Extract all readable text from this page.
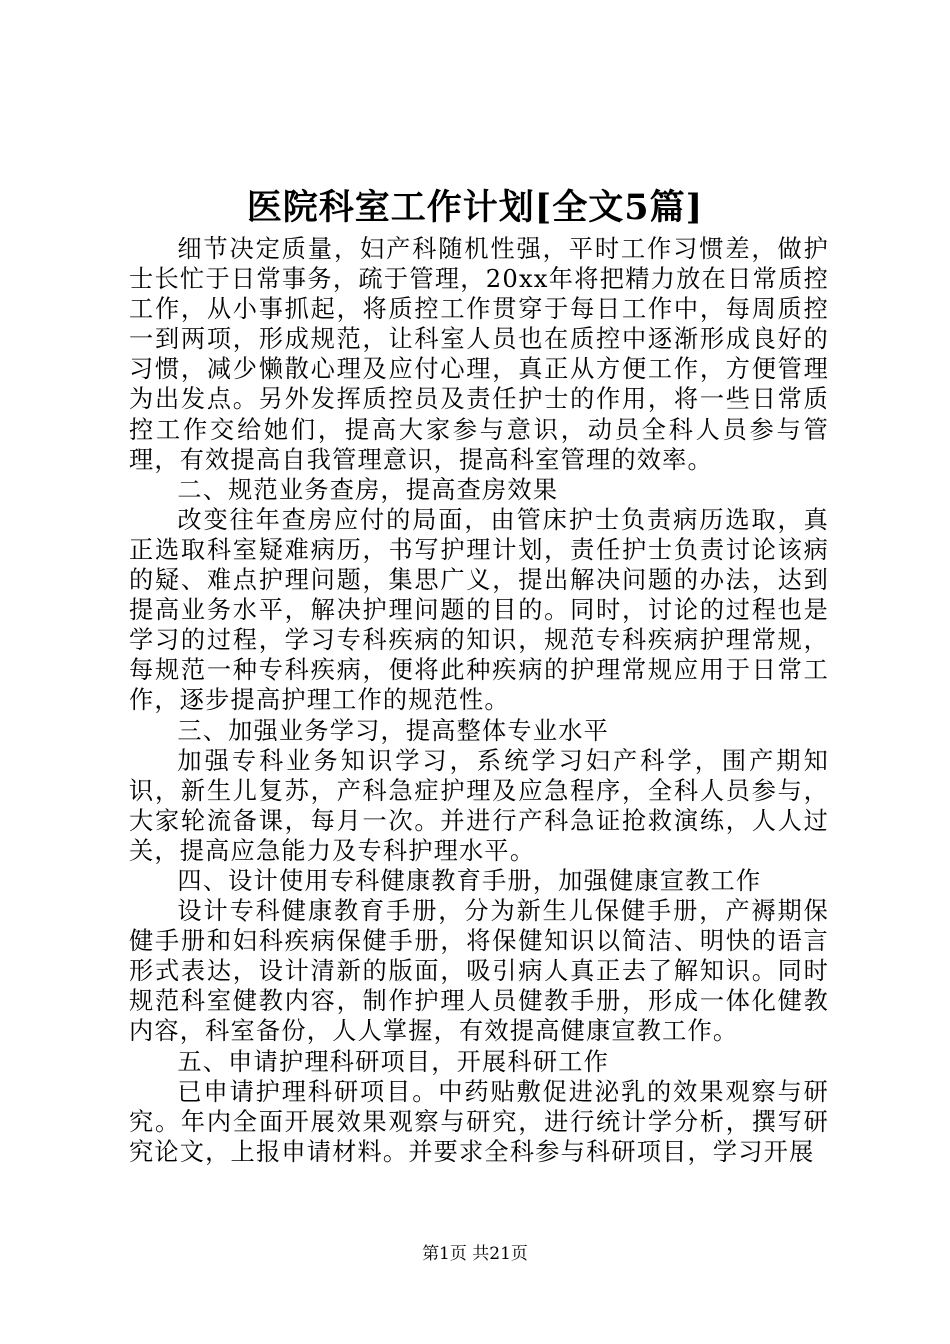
医院科室工作计划[全文5篇]

细节决定质量，妇产科随机性强，平时工作习惯差，做护士长忙于日常事务，疏于管理，20xx年将把精力放在日常质控工作，从小事抓起，将质控工作贯穿于每日工作中，每周质控一到两项，形成规范，让科室人员也在质控中逐渐形成良好的习惯，减少懒散心理及应付心理，真正从方便工作，方便管理为出发点。另外发挥质控员及责任护士的作用，将一些日常质控工作交给她们，提高大家参与意识，动员全科人员参与管理，有效提高自我管理意识，提高科室管理的效率。

二、规范业务查房，提高查房效果

改变往年查房应付的局面，由管床护士负责病历选取，真正选取科室疑难病历，书写护理计划，责任护士负责讨论该病的疑、难点护理问题，集思广义，提出解决问题的办法，达到提高业务水平，解决护理问题的目的。同时，讨论的过程也是学习的过程，学习专科疾病的知识，规范专科疾病护理常规，每规范一种专科疾病，便将此种疾病的护理常规应用于日常工作，逐步提高护理工作的规范性。

三、加强业务学习，提高整体专业水平

加强专科业务知识学习，系统学习妇产科学，围产期知识，新生儿复苏，产科急症护理及应急程序，全科人员参与，大家轮流备课，每月一次。并进行产科急证抢救演练，人人过关，提高应急能力及专科护理水平。

四、设计使用专科健康教育手册，加强健康宣教工作

设计专科健康教育手册，分为新生儿保健手册，产褥期保健手册和妇科疾病保健手册，将保健知识以简洁、明快的语言形式表达，设计清新的版面，吸引病人真正去了解知识。同时规范科室健教内容，制作护理人员健教手册，形成一体化健教内容，科室备份，人人掌握，有效提高健康宣教工作。

五、申请护理科研项目，开展科研工作

已申请护理科研项目。中药贴敷促进泌乳的效果观察与研究。年内全面开展效果观察与研究，进行统计学分析，撰写研究论文，上报申请材料。并要求全科参与科研项目，学习开展

第1页 共21页
